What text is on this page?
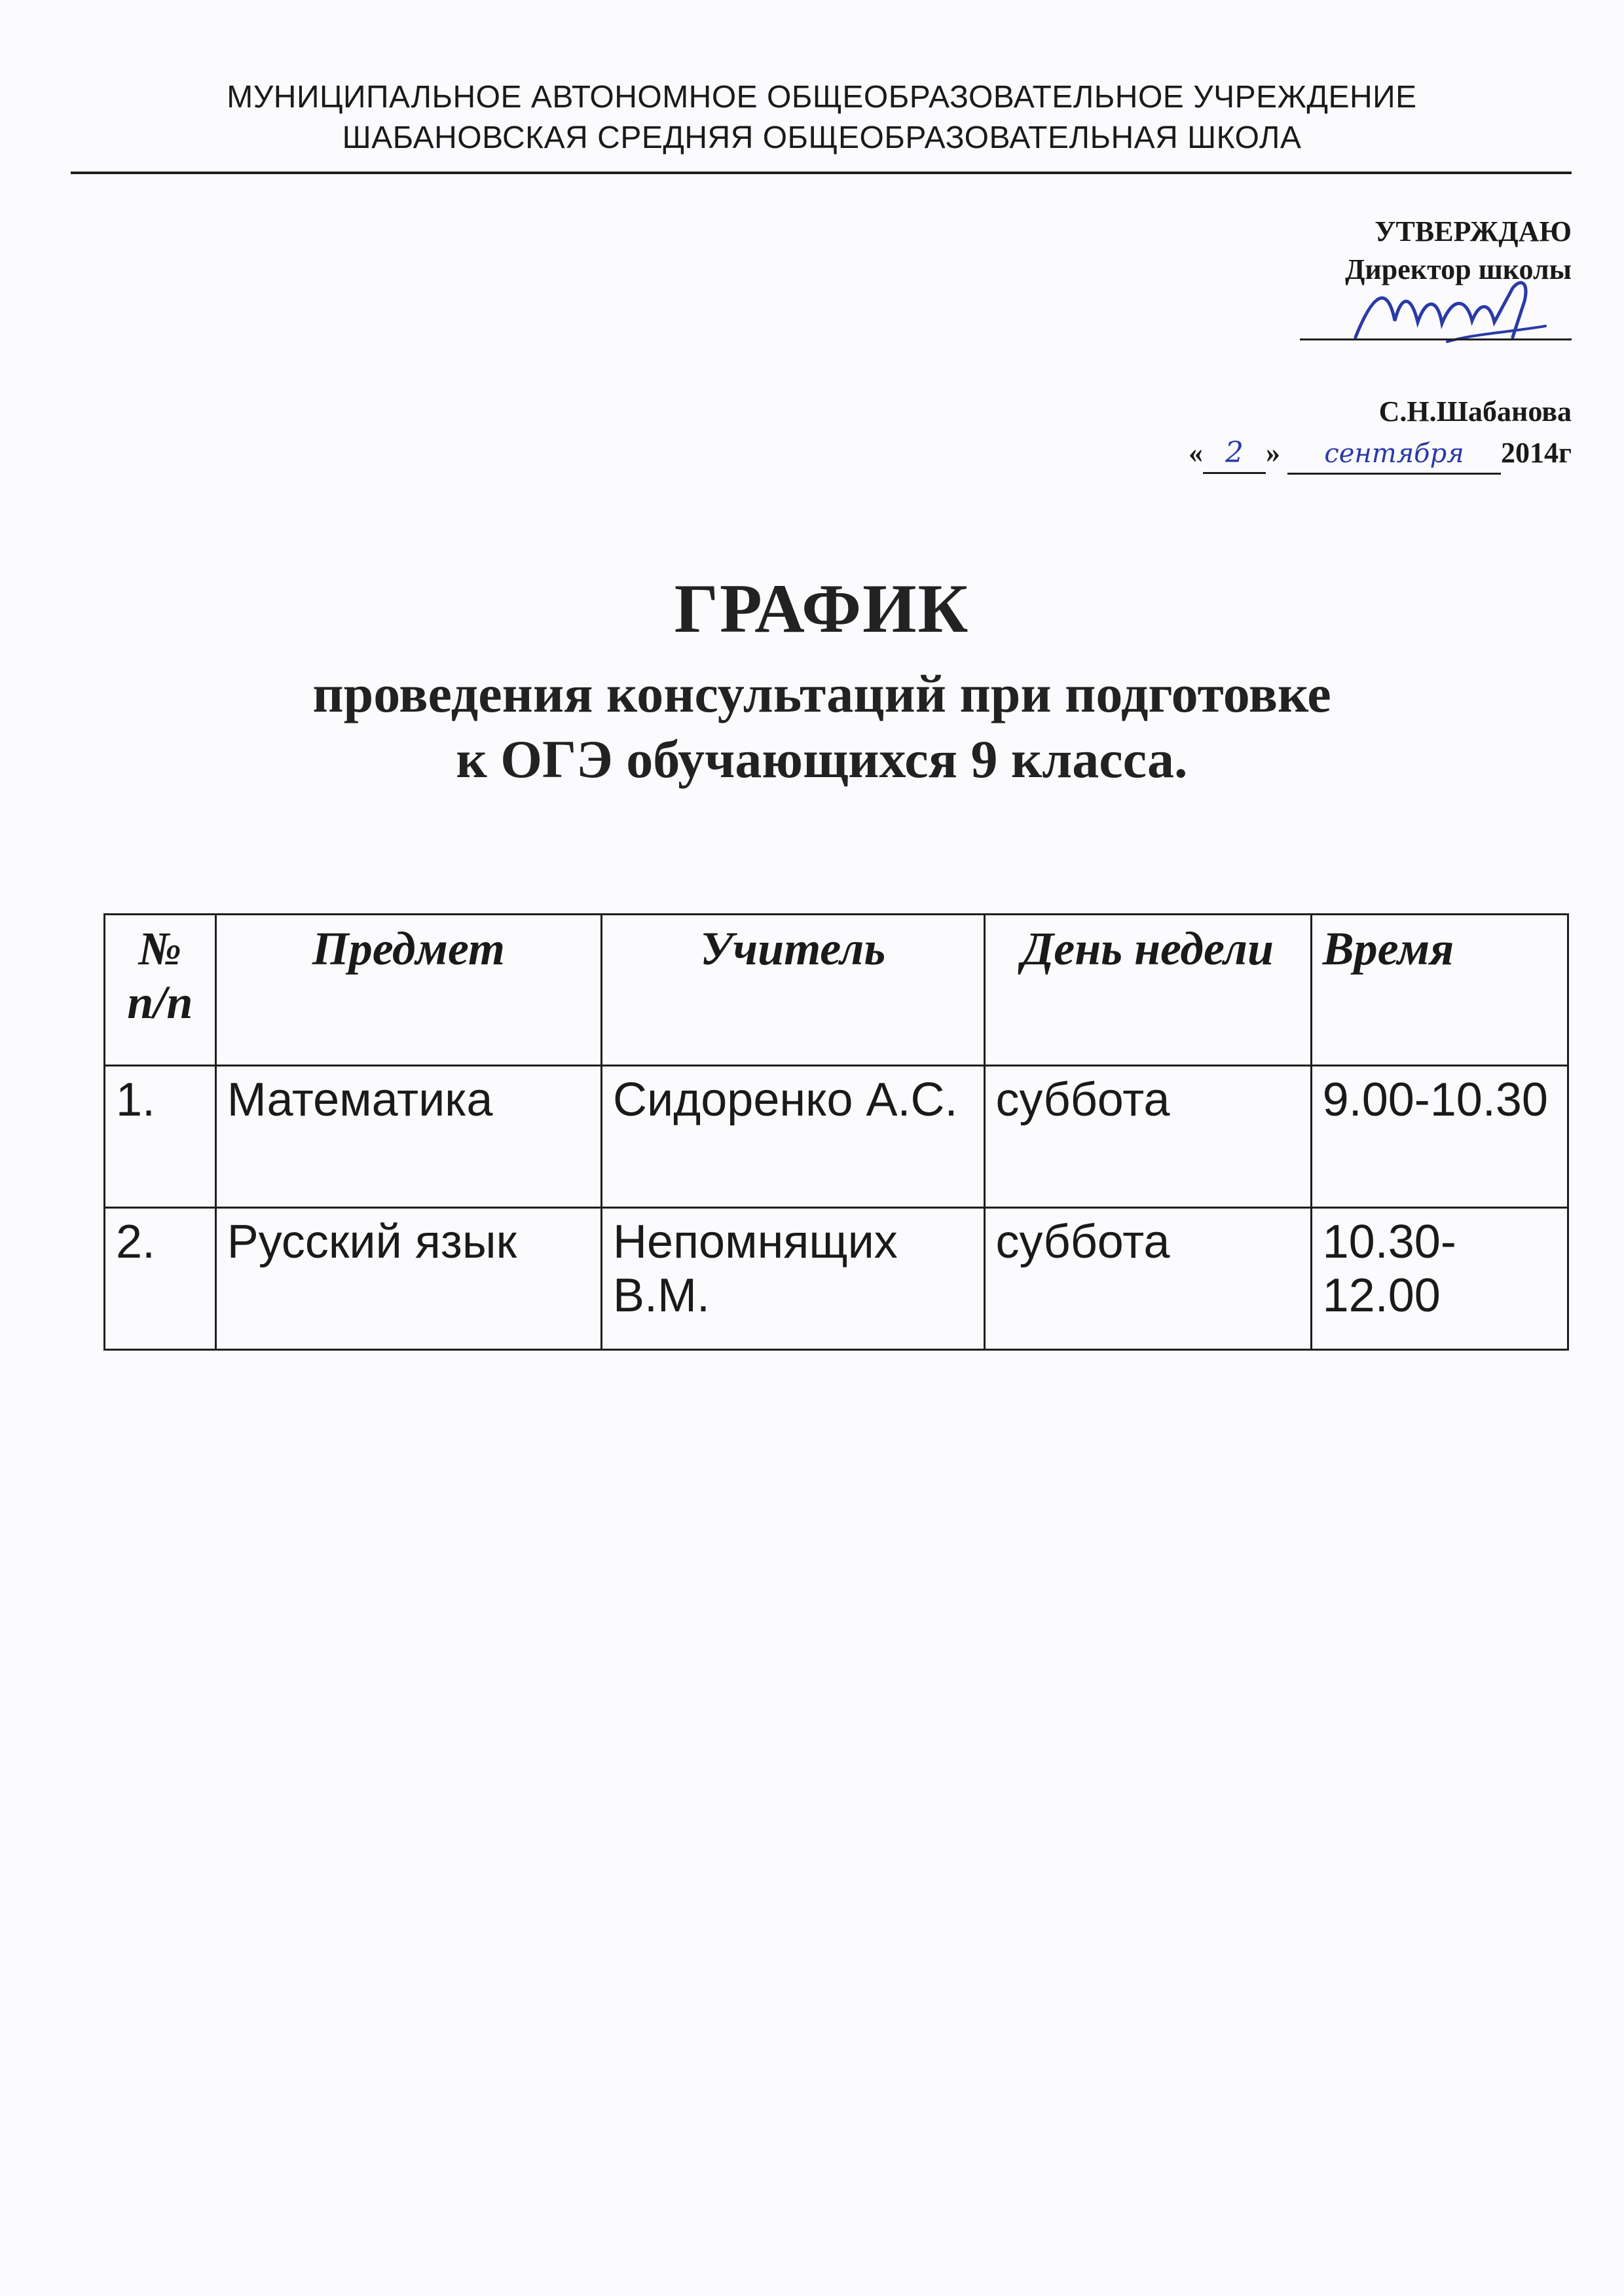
МУНИЦИПАЛЬНОЕ АВТОНОМНОЕ ОБЩЕОБРАЗОВАТЕЛЬНОЕ УЧРЕЖДЕНИЕ
ШАБАНОВСКАЯ СРЕДНЯЯ ОБЩЕОБРАЗОВАТЕЛЬНАЯ ШКОЛА
УТВЕРЖДАЮ
Директор школы
С.Н.Шабанова
« 2 » сентября 2014г
ГРАФИК
проведения консультаций при подготовке
к ОГЭ обучающихся 9 класса.
№ п/п	Предмет	Учитель	День недели	Время
1.	Математика	Сидоренко А.С.	суббота	9.00-10.30
2.	Русский язык	Непомнящих В.М.	суббота	10.30-12.00
